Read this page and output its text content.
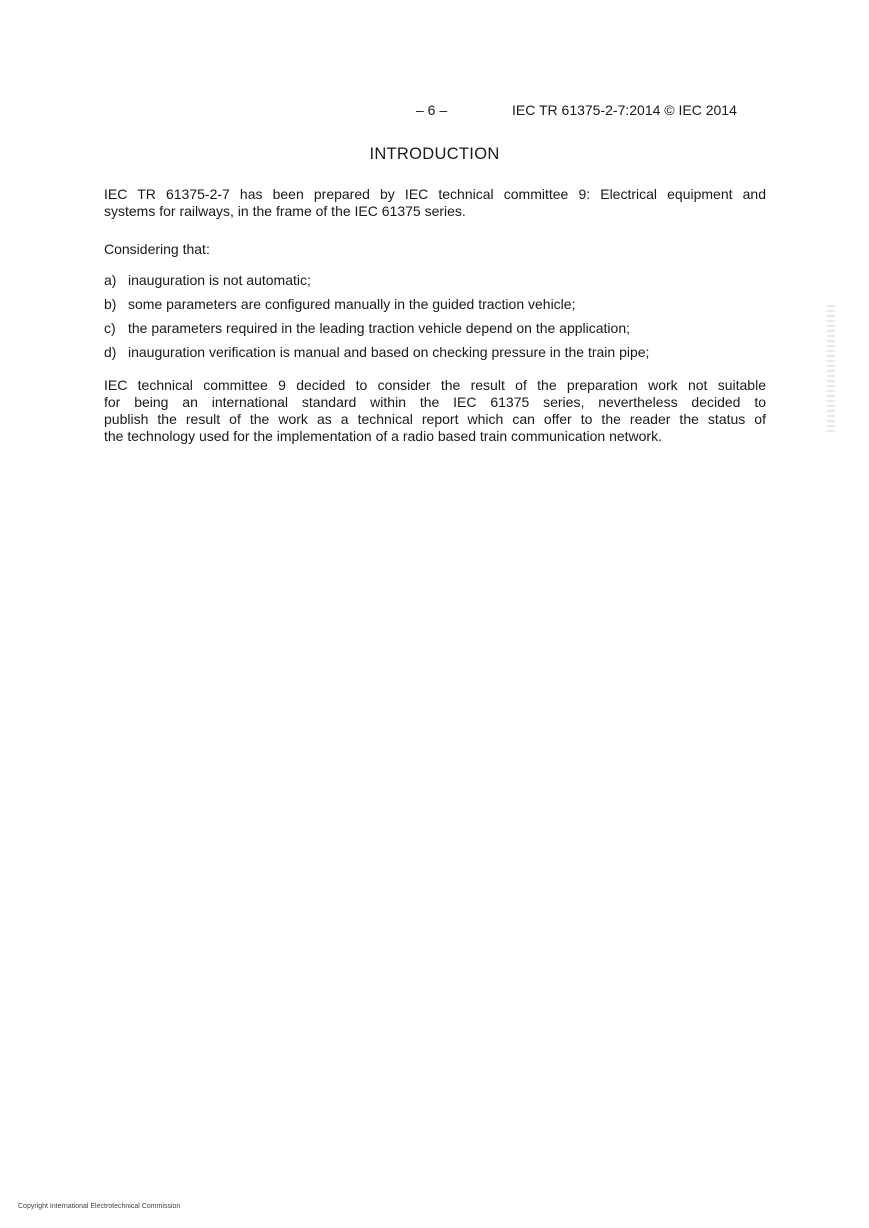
– 6 –	IEC TR 61375-2-7:2014 © IEC 2014
INTRODUCTION
IEC TR 61375-2-7 has been prepared by IEC technical committee 9: Electrical equipment and
systems for railways, in the frame of the IEC 61375 series.
Considering that:
a) inauguration is not automatic;
b) some parameters are configured manually in the guided traction vehicle;
c) the parameters required in the leading traction vehicle depend on the application;
d) inauguration verification is manual and based on checking pressure in the train pipe;
IEC technical committee 9 decided to consider the result of the preparation work not suitable
for being an international standard within the IEC 61375 series, nevertheless decided to
publish the result of the work as a technical report which can offer to the reader the status of
the technology used for the implementation of a radio based train communication network.
Copyright International Electrotechnical Commission
